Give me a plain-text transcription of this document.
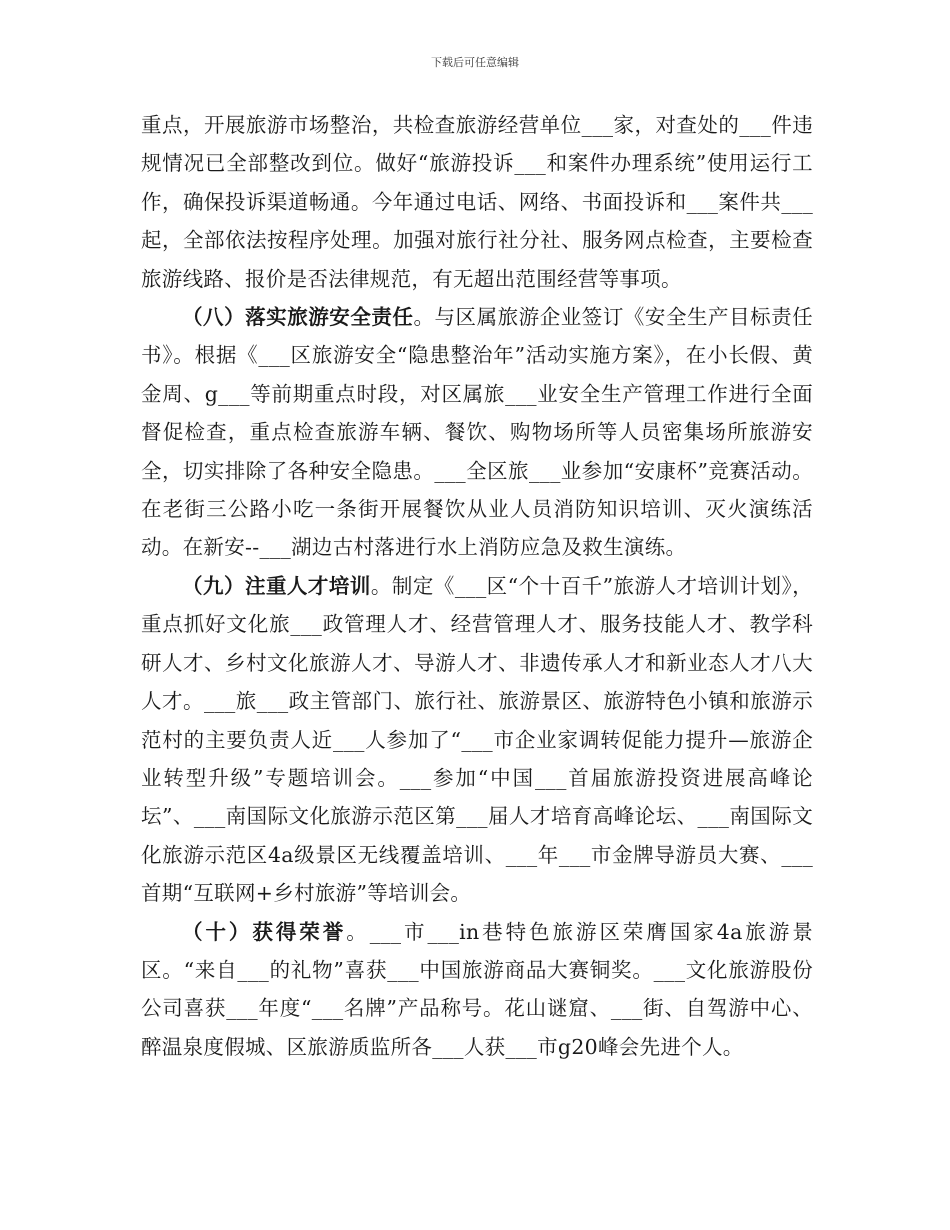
下载后可任意编辑

重点，开展旅游市场整治，共检查旅游经营单位___家，对查处的___件违规情况已全部整改到位。做好“旅游投诉___和案件办理系统”使用运行工作，确保投诉渠道畅通。今年通过电话、网络、书面投诉和___案件共___起，全部依法按程序处理。加强对旅行社分社、服务网点检查，主要检查旅游线路、报价是否法律规范，有无超出范围经营等事项。

（八）落实旅游安全责任。与区属旅游企业签订《安全生产目标责任书》。根据《___区旅游安全“隐患整治年”活动实施方案》，在小长假、黄金周、g___等前期重点时段，对区属旅___业安全生产管理工作进行全面督促检查，重点检查旅游车辆、餐饮、购物场所等人员密集场所旅游安全，切实排除了各种安全隐患。___全区旅___业参加“安康杯”竞赛活动。在老街三公路小吃一条街开展餐饮从业人员消防知识培训、灭火演练活动。在新安--___湖边古村落进行水上消防应急及救生演练。

（九）注重人才培训。制定《___区“个十百千”旅游人才培训计划》，重点抓好文化旅___政管理人才、经营管理人才、服务技能人才、教学科研人才、乡村文化旅游人才、导游人才、非遗传承人才和新业态人才八大人才。___旅___政主管部门、旅行社、旅游景区、旅游特色小镇和旅游示范村的主要负责人近___人参加了“___市企业家调转促能力提升—旅游企业转型升级”专题培训会。___参加“中国___首届旅游投资进展高峰论坛”、___南国际文化旅游示范区第___届人才培育高峰论坛、___南国际文化旅游示范区4a级景区无线覆盖培训、___年___市金牌导游员大赛、___首期“互联网+乡村旅游”等培训会。

（十）获得荣誉。___市___in巷特色旅游区荣膺国家4a旅游景区。“来自___的礼物”喜获___中国旅游商品大赛铜奖。___文化旅游股份公司喜获___年度“___名牌”产品称号。花山谜窟、___街、自驾游中心、醉温泉度假城、区旅游质监所各___人获___市g20峰会先进个人。
